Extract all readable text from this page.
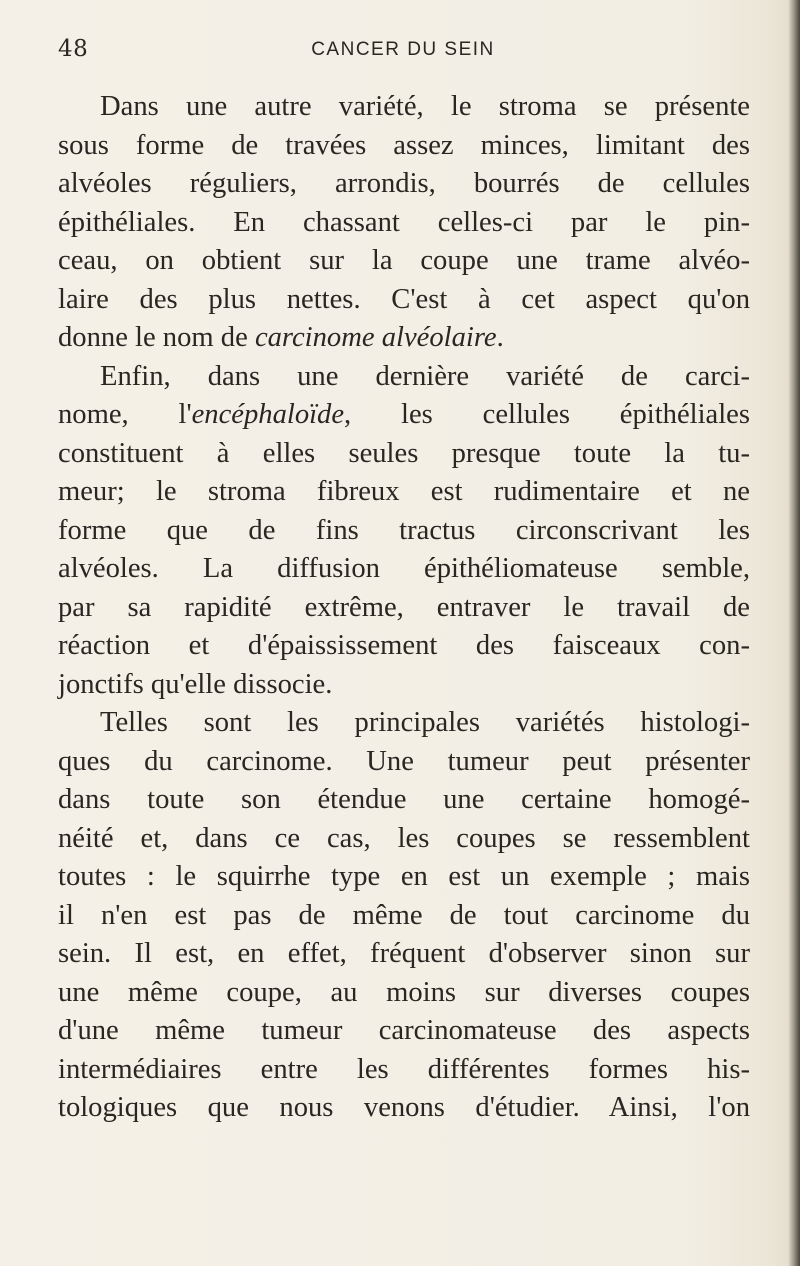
48	CANCER DU SEIN

Dans une autre variété, le stroma se présente
sous forme de travées assez minces, limitant des
alvéoles réguliers, arrondis, bourrés de cellules
épithéliales. En chassant celles-ci par le pin-
ceau, on obtient sur la coupe une trame alvéo-
laire des plus nettes. C'est à cet aspect qu'on
donne le nom de carcinome alvéolaire.

Enfin, dans une dernière variété de carci-
nome, l'encéphaloïde, les cellules épithéliales
constituent à elles seules presque toute la tu-
meur; le stroma fibreux est rudimentaire et ne
forme que de fins tractus circonscrivant les
alvéoles. La diffusion épithéliomateuse semble,
par sa rapidité extrême, entraver le travail de
réaction et d'épaississement des faisceaux con-
jonctifs qu'elle dissocie.

Telles sont les principales variétés histologi-
ques du carcinome. Une tumeur peut présenter
dans toute son étendue une certaine homogé-
néité et, dans ce cas, les coupes se ressemblent
toutes : le squirrhe type en est un exemple ; mais
il n'en est pas de même de tout carcinome du
sein. Il est, en effet, fréquent d'observer sinon sur
une même coupe, au moins sur diverses coupes
d'une même tumeur carcinomateuse des aspects
intermédiaires entre les différentes formes his-
tologiques que nous venons d'étudier. Ainsi, l'on
